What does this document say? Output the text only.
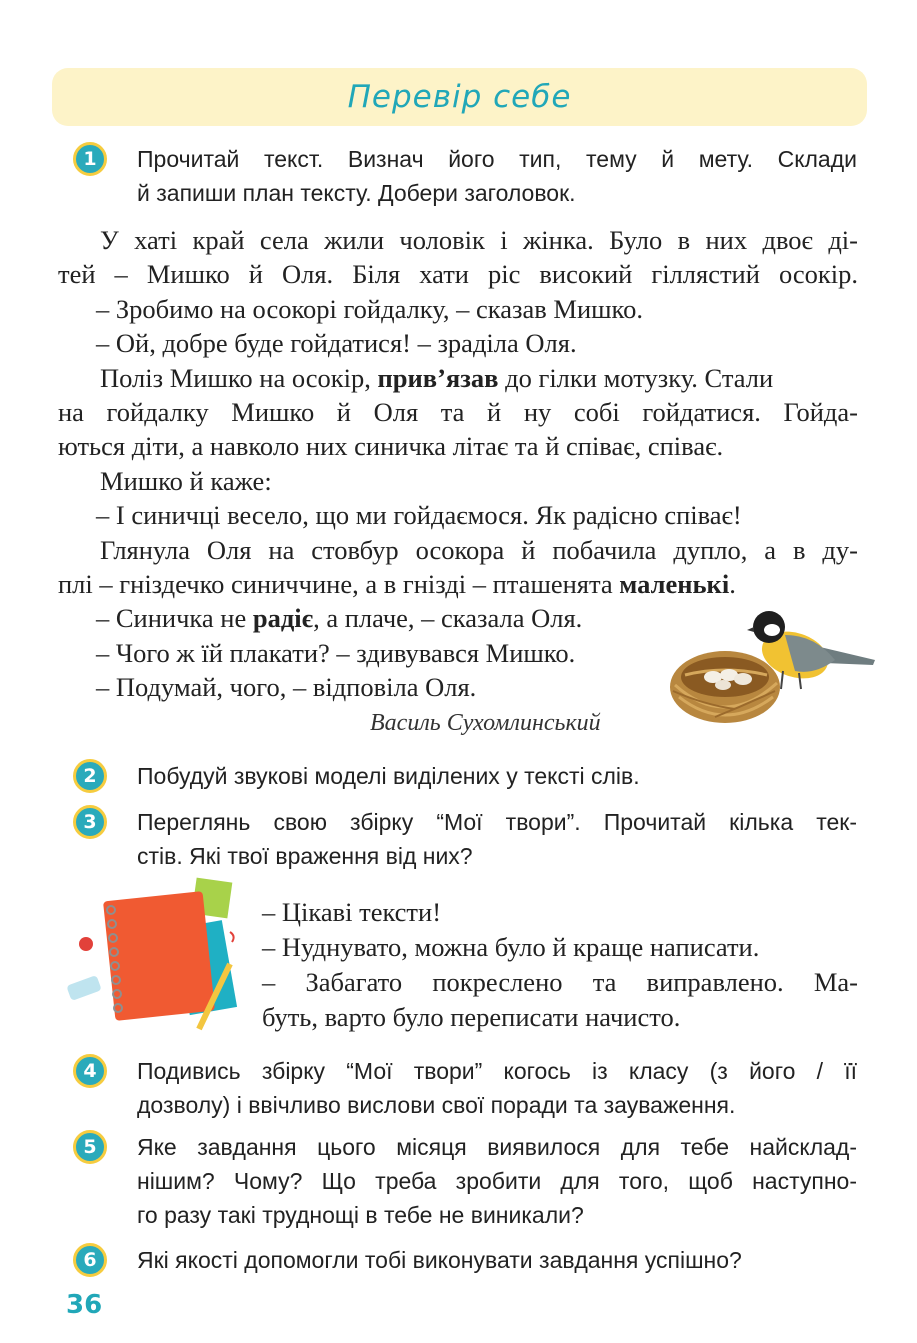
Перевір себе
1	Прочитай текст. Визнач його тип, тему й мету. Склади
й запиши план тексту. Добери заголовок.
У хаті край села жили чоловік і жінка. Було в них двоє ді-
тей – Мишко й Оля. Біля хати ріс високий гіллястий осокір.
– Зробимо на осокорі гойдалку, – сказав Мишко.
– Ой, добре буде гойдатися! – зраділа Оля.
Поліз Мишко на осокір, прив’язав до гілки мотузку. Стали
на гойдалку Мишко й Оля та й ну собі гойдатися. Гойда-
ються діти, а навколо них синичка літає та й співає, співає.
Мишко й каже:
– І синичці весело, що ми гойдаємося. Як радісно співає!
Глянула Оля на стовбур осокора й побачила дупло, а в ду-
плі – гніздечко синиччине, а в гнізді – пташенята маленькі.
– Синичка не радіє, а плаче, – сказала Оля.
– Чого ж їй плакати? – здивувався Мишко.
– Подумай, чого, – відповіла Оля.
Василь Сухомлинський
2	Побудуй звукові моделі виділених у тексті слів.
3	Переглянь свою збірку “Мої твори”. Прочитай кілька тек-
стів. Які твої враження від них?
– Цікаві тексти!
– Нуднувато, можна було й краще написати.
– Забагато покреслено та виправлено. Ма-
буть, варто було переписати начисто.
4	Подивись збірку “Мої твори” когось із класу (з його / її
дозволу) і ввічливо вислови свої поради та зауваження.
5	Яке завдання цього місяця виявилося для тебе найсклад-
нішим? Чому? Що треба зробити для того, щоб наступно-
го разу такі труднощі в тебе не виникали?
6	Які якості допомогли тобі виконувати завдання успішно?
36
